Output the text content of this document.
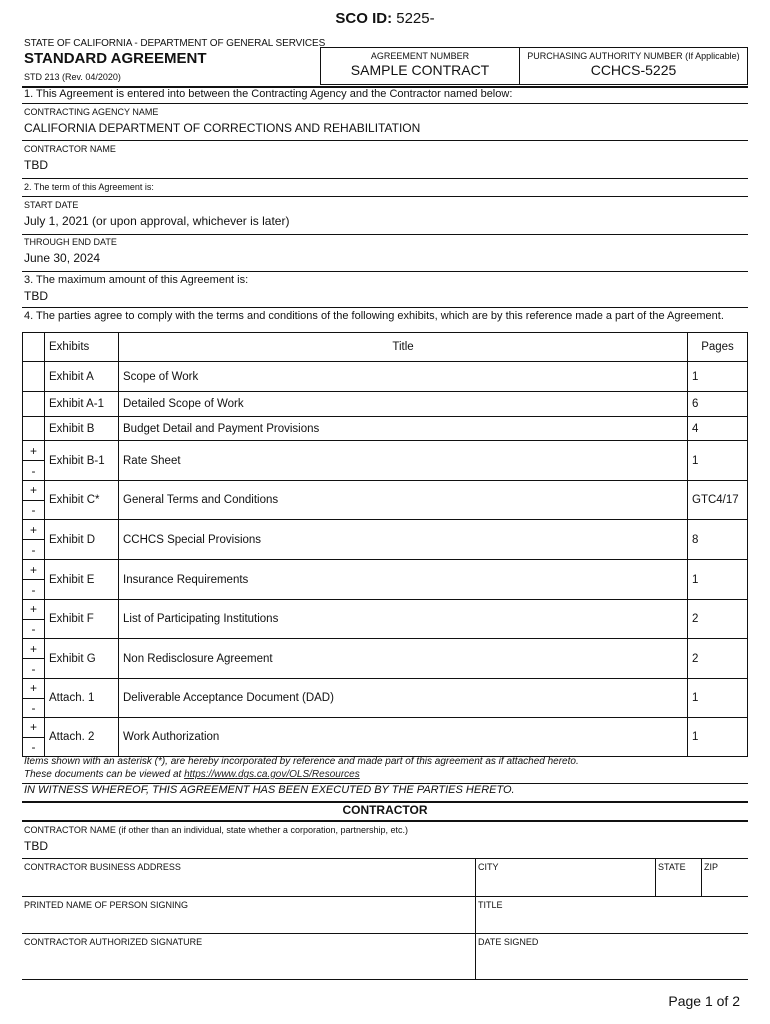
SCO ID: 5225-
STATE OF CALIFORNIA - DEPARTMENT OF GENERAL SERVICES
STANDARD AGREEMENT
STD 213 (Rev. 04/2020)
AGREEMENT NUMBER
SAMPLE CONTRACT
PURCHASING AUTHORITY NUMBER (If Applicable)
CCHCS-5225
1. This Agreement is entered into between the Contracting Agency and the Contractor named below:
CONTRACTING AGENCY NAME
CALIFORNIA DEPARTMENT OF CORRECTIONS AND REHABILITATION
CONTRACTOR NAME
TBD
2. The term of this Agreement is:
START DATE
July 1, 2021 (or upon approval, whichever is later)
THROUGH END DATE
June 30, 2024
3. The maximum amount of this Agreement is:
TBD
4. The parties agree to comply with the terms and conditions of the following exhibits, which are by this reference made a part of the Agreement.
	Exhibits	Title	Pages
	Exhibit A	Scope of Work	1
	Exhibit A-1	Detailed Scope of Work	6
	Exhibit B	Budget Detail and Payment Provisions	4

+
-	Exhibit B-1	Rate Sheet	1

+
-	Exhibit C*	General Terms and Conditions	GTC4/17

+
-	Exhibit D	CCHCS Special Provisions	8

+
-	Exhibit E	Insurance Requirements	1

+
-	Exhibit F	List of Participating Institutions	2

+
-	Exhibit G	Non Redisclosure Agreement	2

+
-	Attach. 1	Deliverable Acceptance Document (DAD)	1

+
-	Attach. 2	Work Authorization	1
Items shown with an asterisk (*), are hereby incorporated by reference and made part of this agreement as if attached hereto.
These documents can be viewed at https://www.dgs.ca.gov/OLS/Resources
IN WITNESS WHEREOF, THIS AGREEMENT HAS BEEN EXECUTED BY THE PARTIES HERETO.
CONTRACTOR
CONTRACTOR NAME (if other than an individual, state whether a corporation, partnership, etc.)
TBD
CONTRACTOR BUSINESS ADDRESS	CITY	STATE ZIP
PRINTED NAME OF PERSON SIGNING	TITLE
CONTRACTOR AUTHORIZED SIGNATURE	DATE SIGNED
Page 1 of 2
